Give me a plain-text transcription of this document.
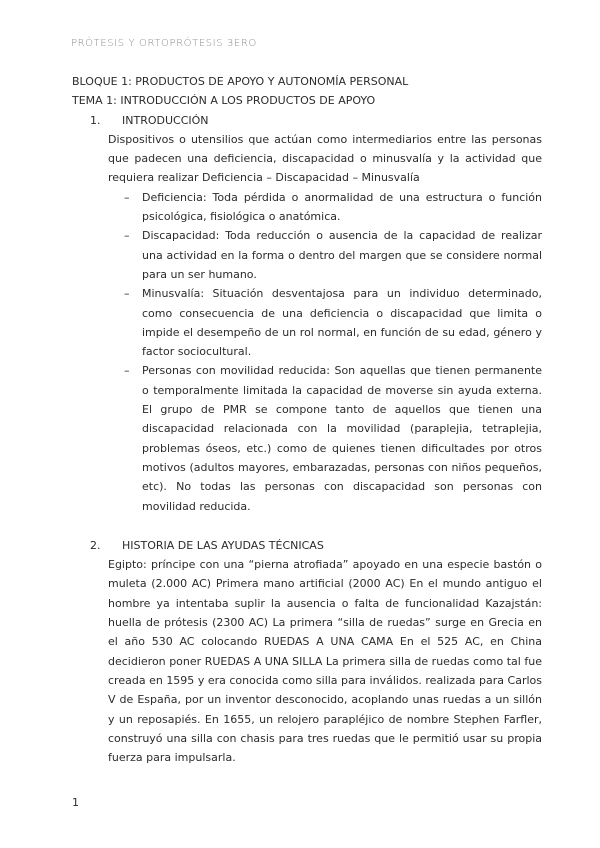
PRÓTESIS Y ORTOPRÓTESIS 3ERO
BLOQUE 1: PRODUCTOS DE APOYO Y AUTONOMÍA PERSONAL
TEMA 1: INTRODUCCIÓN A LOS PRODUCTOS DE APOYO
1.	INTRODUCCIÓN
Dispositivos o utensilios que actúan como intermediarios entre las personas que padecen una deficiencia, discapacidad o minusvalía y la actividad que requiera realizar Deficiencia – Discapacidad – Minusvalía
–	Deficiencia: Toda pérdida o anormalidad de una estructura o función psicológica, fisiológica o anatómica.
–	Discapacidad: Toda reducción o ausencia de la capacidad de realizar una actividad en la forma o dentro del margen que se considere normal para un ser humano.
–	Minusvalía: Situación desventajosa para un individuo determinado, como consecuencia de una deficiencia o discapacidad que limita o impide el desempeño de un rol normal, en función de su edad, género y factor sociocultural.
–	Personas con movilidad reducida: Son aquellas que tienen permanente o temporalmente limitada la capacidad de moverse sin ayuda externa. El grupo de PMR se compone tanto de aquellos que tienen una discapacidad relacionada con la movilidad (paraplejia, tetraplejia, problemas óseos, etc.) como de quienes tienen dificultades por otros motivos (adultos mayores, embarazadas, personas con niños pequeños, etc). No todas las personas con discapacidad son personas con movilidad reducida.
2.	HISTORIA DE LAS AYUDAS TÉCNICAS
Egipto: príncipe con una “pierna atrofiada” apoyado en una especie bastón o muleta (2.000 AC) Primera mano artificial (2000 AC) En el mundo antiguo el hombre ya intentaba suplir la ausencia o falta de funcionalidad Kazajstán: huella de prótesis (2300 AC) La primera “silla de ruedas” surge en Grecia en el año 530 AC colocando RUEDAS A UNA CAMA En el 525 AC, en China decidieron poner RUEDAS A UNA SILLA La primera silla de ruedas como tal fue creada en 1595 y era conocida como silla para inválidos. realizada para Carlos V de España, por un inventor desconocido, acoplando unas ruedas a un sillón y un reposapiés. En 1655, un relojero parapléjico de nombre Stephen Farfler, construyó una silla con chasis para tres ruedas que le permitió usar su propia fuerza para impulsarla.
1
